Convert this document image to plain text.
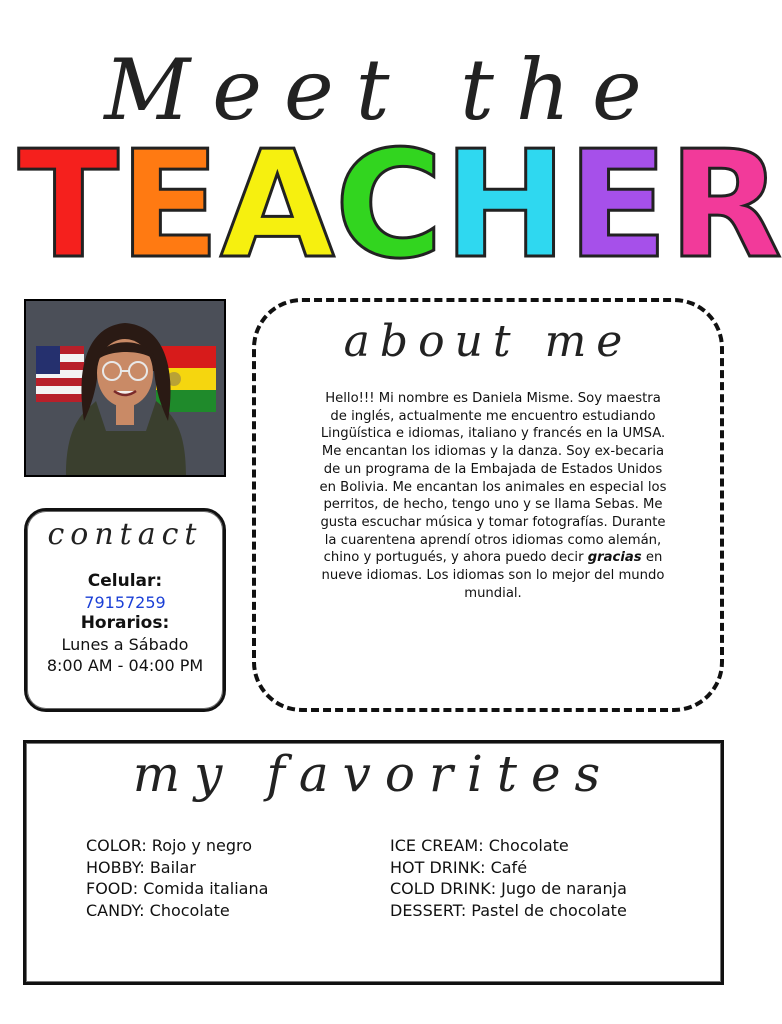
Meet the
T E A C H E R
contact
Celular:
79157259
Horarios:
Lunes a Sábado
8:00 AM - 04:00 PM
about me
Hello!!! Mi nombre es Daniela Misme. Soy maestra de inglés, actualmente me encuentro estudiando Lingüística e idiomas, italiano y francés en la UMSA. Me encantan los idiomas y la danza. Soy ex-becaria de un programa de la Embajada de Estados Unidos en Bolivia. Me encantan los animales en especial los perritos, de hecho, tengo uno y se llama Sebas. Me gusta escuchar música y tomar fotografías. Durante la cuarentena aprendí otros idiomas como alemán, chino y portugués, y ahora puedo decir gracias en nueve idiomas. Los idiomas son lo mejor del mundo mundial.
my favorites
COLOR: Rojo y negro
HOBBY: Bailar
FOOD: Comida italiana
CANDY: Chocolate
ICE CREAM: Chocolate
HOT DRINK: Café
COLD DRINK: Jugo de naranja
DESSERT: Pastel de chocolate
